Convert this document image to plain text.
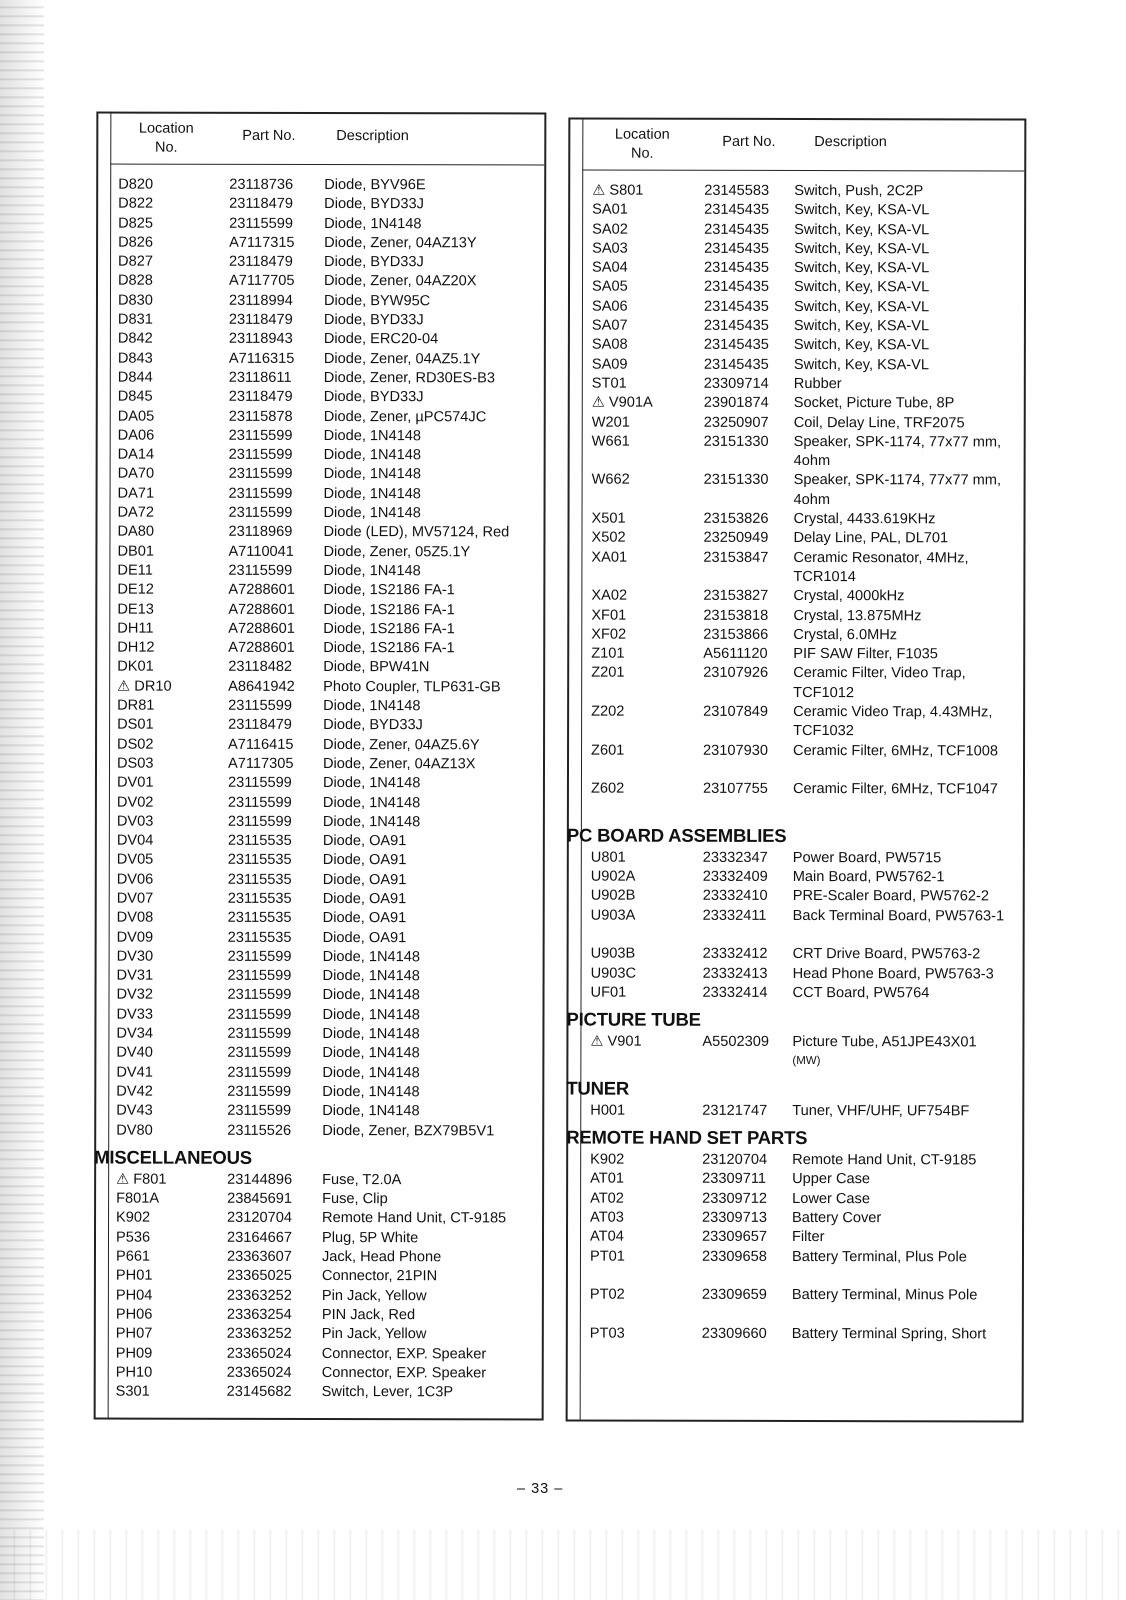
Location
No.
Part No.	Description
D820	23118736 Diode, BYV96E
D822	23118479 Diode, BYD33J
D825	23115599 Diode, 1N4148
D826	A7117315 Diode, Zener, 04AZ13Y
D827	23118479 Diode, BYD33J
D828	A7117705 Diode, Zener, 04AZ20X
D830	23118994 Diode, BYW95C
D831	23118479 Diode, BYD33J
D842	23118943 Diode, ERC20-04
D843	A7116315 Diode, Zener, 04AZ5.1Y
D844	23118611 Diode, Zener, RD30ES-B3
D845	23118479 Diode, BYD33J
DA05	23115878 Diode, Zener, µPC574JC
DA06	23115599 Diode, 1N4148
DA14	23115599 Diode, 1N4148
DA70	23115599 Diode, 1N4148
DA71	23115599 Diode, 1N4148
DA72	23115599 Diode, 1N4148
DA80	23118969 Diode (LED), MV57124, Red
DB01	A7110041 Diode, Zener, 05Z5.1Y
DE11	23115599 Diode, 1N4148
DE12	A7288601 Diode, 1S2186 FA-1
DE13	A7288601 Diode, 1S2186 FA-1
DH11	A7288601 Diode, 1S2186 FA-1
DH12	A7288601 Diode, 1S2186 FA-1
DK01	23118482 Diode, BPW41N
⚠ DR10	A8641942 Photo Coupler, TLP631-GB
DR81	23115599 Diode, 1N4148
DS01	23118479 Diode, BYD33J
DS02	A7116415 Diode, Zener, 04AZ5.6Y
DS03	A7117305 Diode, Zener, 04AZ13X
DV01	23115599 Diode, 1N4148
DV02	23115599 Diode, 1N4148
DV03	23115599 Diode, 1N4148
DV04	23115535 Diode, OA91
DV05	23115535 Diode, OA91
DV06	23115535 Diode, OA91
DV07	23115535 Diode, OA91
DV08	23115535 Diode, OA91
DV09	23115535 Diode, OA91
DV30	23115599 Diode, 1N4148
DV31	23115599 Diode, 1N4148
DV32	23115599 Diode, 1N4148
DV33	23115599 Diode, 1N4148
DV34	23115599 Diode, 1N4148
DV40	23115599 Diode, 1N4148
DV41	23115599 Diode, 1N4148
DV42	23115599 Diode, 1N4148
DV43	23115599 Diode, 1N4148
DV80	23115526 Diode, Zener, BZX79B5V1
MISCELLANEOUS
⚠ F801	23144896 Fuse, T2.0A
F801A	23845691 Fuse, Clip
K902	23120704 Remote Hand Unit, CT-9185
P536	23164667 Plug, 5P White
P661	23363607 Jack, Head Phone
PH01	23365025 Connector, 21PIN
PH04	23363252 Pin Jack, Yellow
PH06	23363254 PIN Jack, Red
PH07	23363252 Pin Jack, Yellow
PH09	23365024 Connector, EXP. Speaker
PH10	23365024 Connector, EXP. Speaker
S301	23145682 Switch, Lever, 1C3P
Location
No.
Part No.	Description
⚠ S801	23145583 Switch, Push, 2C2P
SA01	23145435 Switch, Key, KSA-VL
SA02	23145435 Switch, Key, KSA-VL
SA03	23145435 Switch, Key, KSA-VL
SA04	23145435 Switch, Key, KSA-VL
SA05	23145435 Switch, Key, KSA-VL
SA06	23145435 Switch, Key, KSA-VL
SA07	23145435 Switch, Key, KSA-VL
SA08	23145435 Switch, Key, KSA-VL
SA09	23145435 Switch, Key, KSA-VL
ST01	23309714 Rubber
⚠ V901A	23901874 Socket, Picture Tube, 8P
W201	23250907 Coil, Delay Line, TRF2075
W661	23151330 Speaker, SPK-1174, 77x77 mm, 4ohm
W662	23151330 Speaker, SPK-1174, 77x77 mm, 4ohm
X501	23153826 Crystal, 4433.619KHz
X502	23250949 Delay Line, PAL, DL701
XA01	23153847 Ceramic Resonator, 4MHz, TCR1014
XA02	23153827 Crystal, 4000kHz
XF01	23153818 Crystal, 13.875MHz
XF02	23153866 Crystal, 6.0MHz
Z101	A5611120 PIF SAW Filter, F1035
Z201	23107926 Ceramic Filter, Video Trap, TCF1012
Z202	23107849 Ceramic Video Trap, 4.43MHz, TCF1032
Z601	23107930 Ceramic Filter, 6MHz, TCF1008
Z602	23107755 Ceramic Filter, 6MHz, TCF1047
PC BOARD ASSEMBLIES
U801	23332347 Power Board, PW5715
U902A	23332409 Main Board, PW5762-1
U902B	23332410 PRE-Scaler Board, PW5762-2
U903A	23332411 Back Terminal Board, PW5763-1
U903B	23332412 CRT Drive Board, PW5763-2
U903C	23332413 Head Phone Board, PW5763-3
UF01	23332414 CCT Board, PW5764
PICTURE TUBE
⚠ V901	A5502309 Picture Tube, A51JPE43X01
(MW)
TUNER
H001	23121747 Tuner, VHF/UHF, UF754BF
REMOTE HAND SET PARTS
K902	23120704 Remote Hand Unit, CT-9185
AT01	23309711 Upper Case
AT02	23309712 Lower Case
AT03	23309713 Battery Cover
AT04	23309657 Filter
PT01	23309658 Battery Terminal, Plus Pole
PT02	23309659 Battery Terminal, Minus Pole
PT03	23309660 Battery Terminal Spring, Short
– 33 –
